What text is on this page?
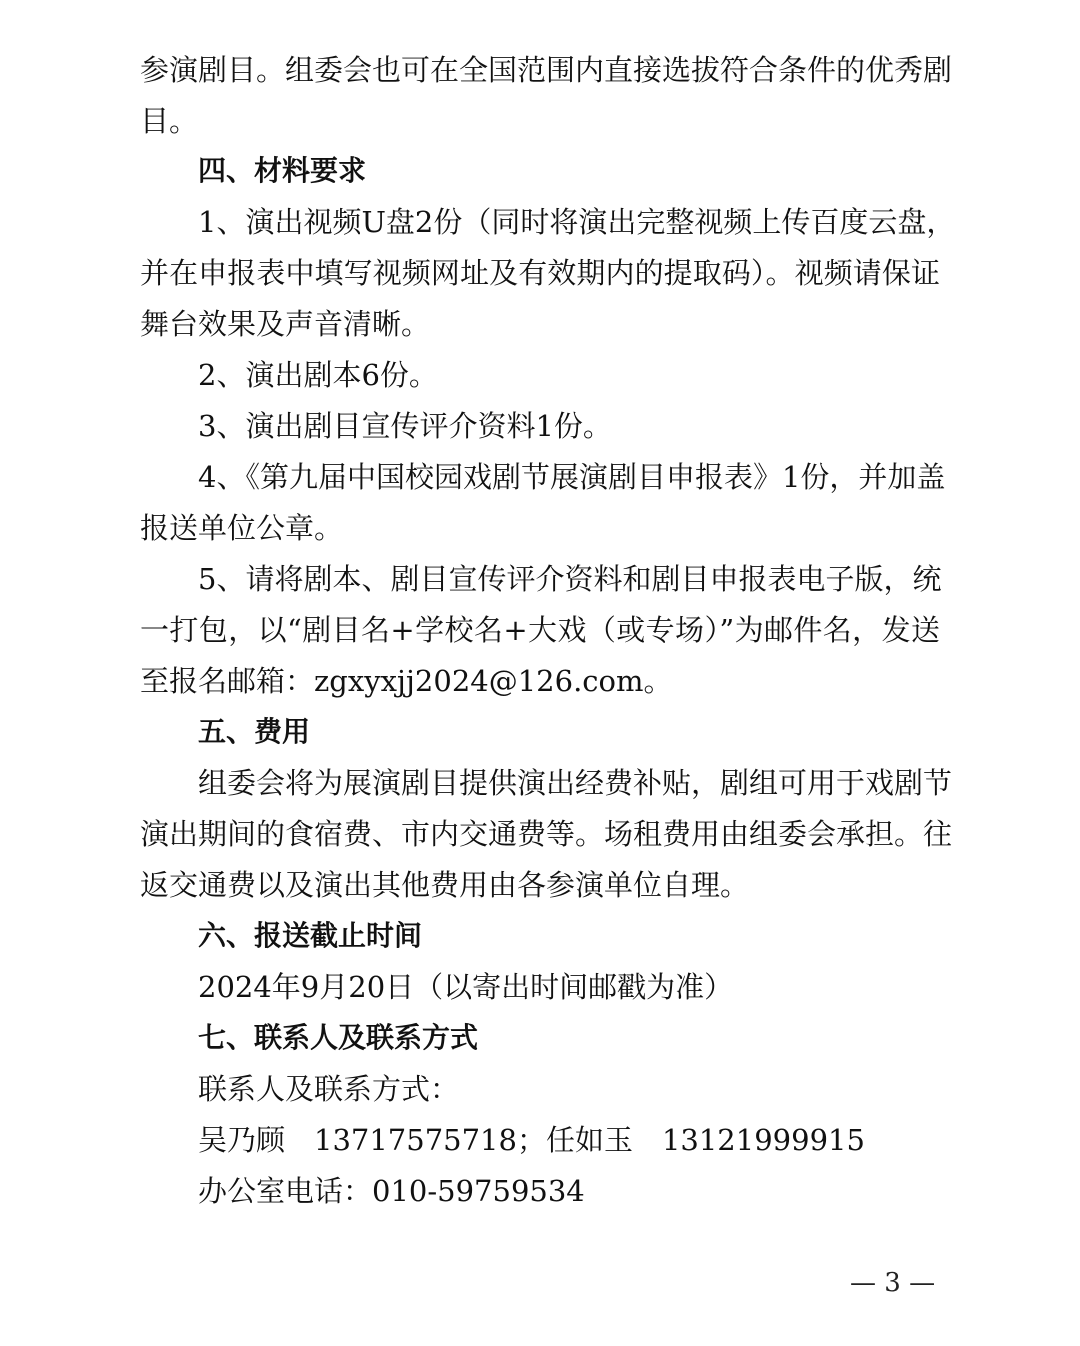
参演剧目。组委会也可在全国范围内直接选拔符合条件的优秀剧
目。
四、材料要求
1、演出视频U盘2份（同时将演出完整视频上传百度云盘，
并在申报表中填写视频网址及有效期内的提取码）。视频请保证
舞台效果及声音清晰。
2、演出剧本6份。
3、演出剧目宣传评介资料1份。
4、《第九届中国校园戏剧节展演剧目申报表》1份，并加盖
报送单位公章。
5、请将剧本、剧目宣传评介资料和剧目申报表电子版，统
一打包，以“剧目名+学校名+大戏（或专场）”为邮件名，发送
至报名邮箱：zgxyxjj2024@126.com。
五、费用
组委会将为展演剧目提供演出经费补贴，剧组可用于戏剧节
演出期间的食宿费、市内交通费等。场租费用由组委会承担。往
返交通费以及演出其他费用由各参演单位自理。
六、报送截止时间
2024年9月20日（以寄出时间邮戳为准）
七、联系人及联系方式
联系人及联系方式：
吴乃顾　13717575718；任如玉　13121999915
办公室电话：010-59759534
— 3 —
